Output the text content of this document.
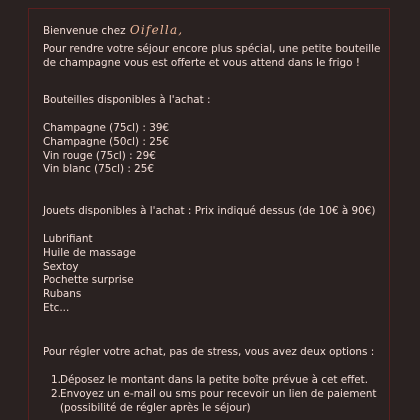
Bienvenue chez Oifella,
Pour rendre votre séjour encore plus spécial, une petite bouteille de champagne vous est offerte et vous attend dans le frigo !
Bouteilles disponibles à l'achat :
Champagne (75cl) : 39€
Champagne (50cl) : 25€
Vin rouge (75cl) : 29€
Vin blanc (75cl) : 25€
Jouets disponibles à l'achat : Prix indiqué dessus (de 10€ à 90€)
Lubrifiant
Huile de massage
Sextoy
Pochette surprise
Rubans
Etc...
Pour régler votre achat, pas de stress, vous avez deux options :
1. Déposez le montant dans la petite boîte prévue à cet effet.
2. Envoyez un e-mail ou sms pour recevoir un lien de paiement
(possibilité de régler après le séjour)
